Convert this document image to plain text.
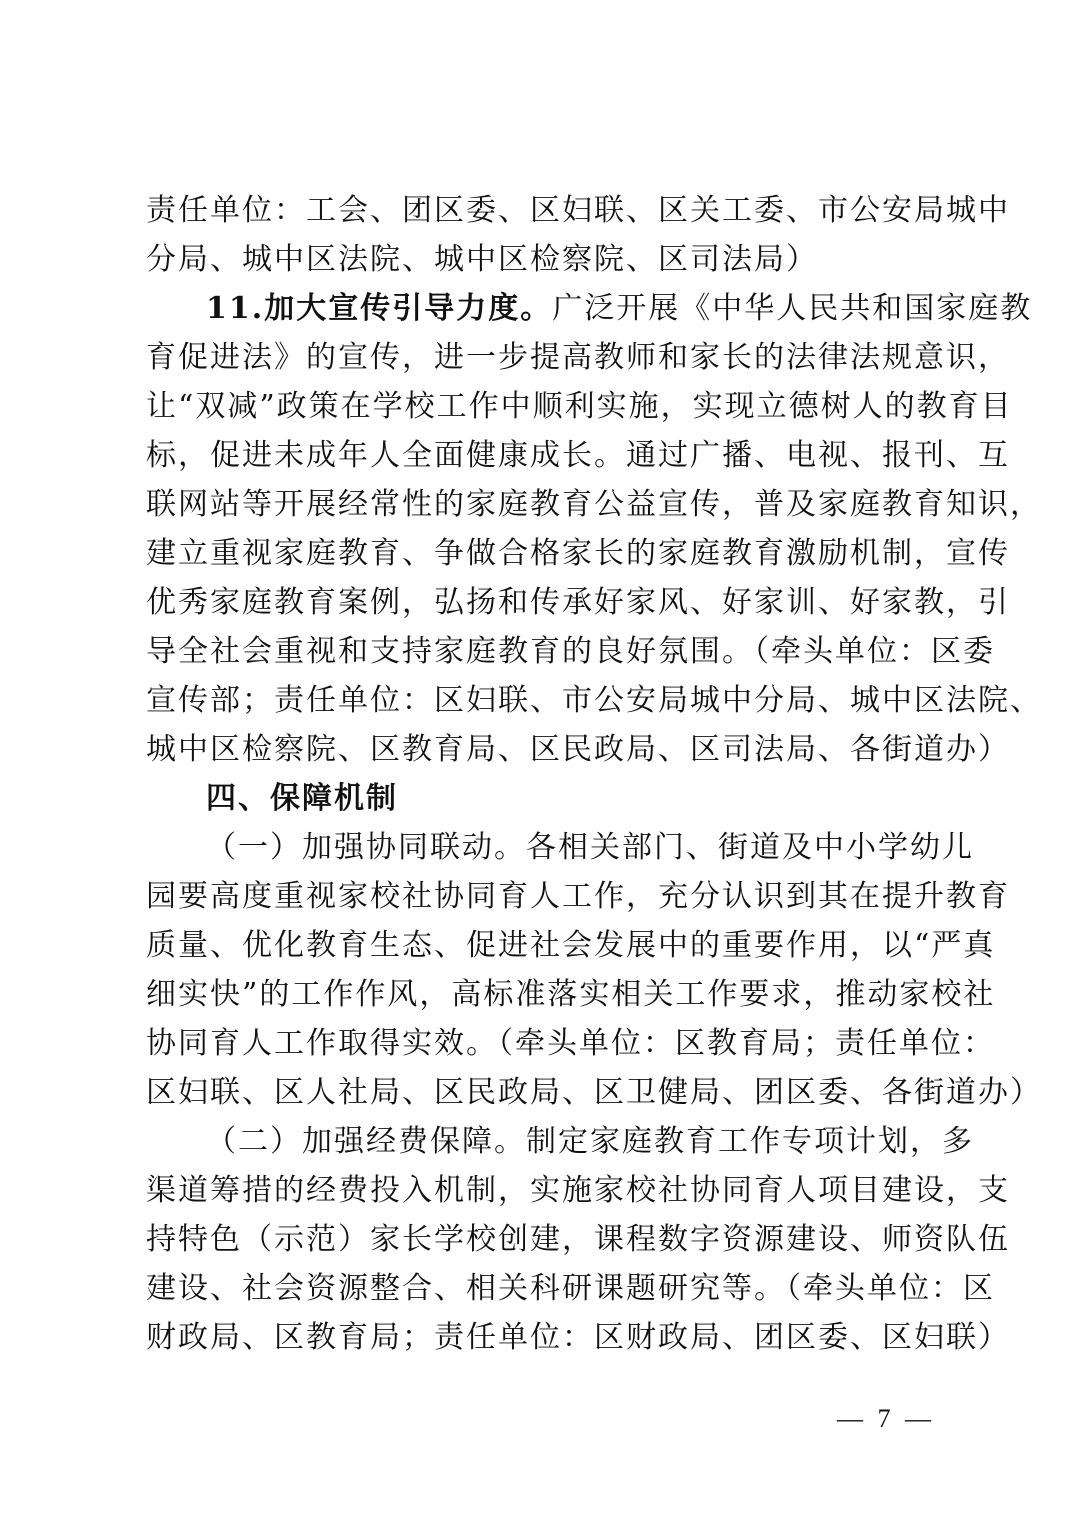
责任单位：工会、团区委、区妇联、区关工委、市公安局城中
分局、城中区法院、城中区检察院、区司法局）
11.加大宣传引导力度。广泛开展《中华人民共和国家庭教
育促进法》的宣传，进一步提高教师和家长的法律法规意识，
让“双减”政策在学校工作中顺利实施，实现立德树人的教育目
标，促进未成年人全面健康成长。通过广播、电视、报刊、互
联网站等开展经常性的家庭教育公益宣传，普及家庭教育知识，
建立重视家庭教育、争做合格家长的家庭教育激励机制，宣传
优秀家庭教育案例，弘扬和传承好家风、好家训、好家教，引
导全社会重视和支持家庭教育的良好氛围。（牵头单位：区委
宣传部；责任单位：区妇联、市公安局城中分局、城中区法院、
城中区检察院、区教育局、区民政局、区司法局、各街道办）
四、保障机制
（一）加强协同联动。各相关部门、街道及中小学幼儿
园要高度重视家校社协同育人工作，充分认识到其在提升教育
质量、优化教育生态、促进社会发展中的重要作用，以“严真
细实快”的工作作风，高标准落实相关工作要求，推动家校社
协同育人工作取得实效。（牵头单位：区教育局；责任单位：
区妇联、区人社局、区民政局、区卫健局、团区委、各街道办）
（二）加强经费保障。制定家庭教育工作专项计划，多
渠道筹措的经费投入机制，实施家校社协同育人项目建设，支
持特色（示范）家长学校创建，课程数字资源建设、师资队伍
建设、社会资源整合、相关科研课题研究等。（牵头单位：区
财政局、区教育局；责任单位：区财政局、团区委、区妇联）
— 7 —
